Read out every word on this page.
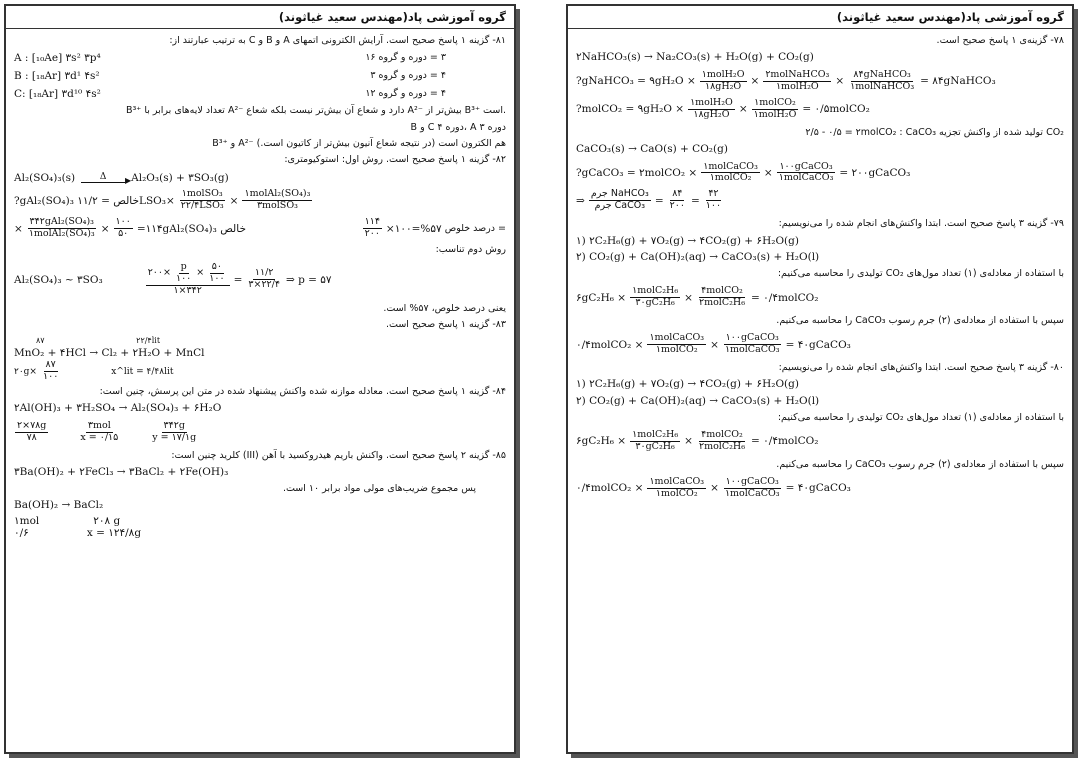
گروه آموزشی پاد(مهندس سعید غیاثوند)
۸۱- گزینه ۱ پاسخ صحیح است. آرایش الکترونی اتمهای A و B و C به ترتیب عبارتند از:
A : [₁₀Ae] ۳s² ۳p⁴	۳ = دوره و گروه ۱۶
B : [₁₈Ar] ۳d¹ ۴s²	۴ = دوره و گروه ۳
C: [₁₈Ar] ۳d¹⁰ ۴s²	۴ = دوره و گروه ۱۲
B³⁺ تعداد لایه‌های برابر با A²⁻ دارد و شعاع آن بیش‌تر نیست بلکه شعاع A²⁻ بیش‌تر از B³⁺ است.
B و C دوره ۴، A دوره ۳
B³⁺ و A²⁻ هم الکترون است (در نتیجه شعاع آنیون بیش‌تر از کاتیون است.)
۸۲- گزینه ۱ پاسخ صحیح است. روش اول: استوکیومتری:
Al₂(SO₄)₃(s)	Δ ▶ Al₂O₃(s) + ۳SO₃(g)
?gAl₂(SO₄)₃ خالص = ۱۱/۲LSO₃× $\frac{\text{۱molSO₃}}{\text{۲۲/۴LSO₃}} \times \frac{\text{۱molAl₂(SO₄)₃}}{\text{۳molSO₃}}$
× $\frac{\text{۳۴۲gAl₂(SO₄)₃}}{\text{۱molAl₂(SO₄)₃}} \times \frac{۱۰۰}{۵۰}$ =۱۱۴gAl₂(SO₄)₃ خالص	$\frac{۱۱۴}{۲۰۰}$ ×۱۰۰=%۵۷ درصد خلوص =
روش دوم تناسب:
Al₂(SO₄)₃ ~ ۳SO₃	$\frac{۲۰۰\times \frac{p}{۱۰۰} \times \frac{۵۰}{۱۰۰}}{۱\times ۳۴۲} = \frac{۱۱/۲}{۳\times ۲۲/۴}$ ⇒ p = ۵۷
یعنی درصد خلوص، ۵۷% است.
۸۳- گزینه ۱ پاسخ صحیح است.
۸۷                                    ۲۲/۴lit
MnO₂ + ۴HCl → Cl₂ + ۲H₂O + MnCl
۲۰g× $\frac{۸۷}{۱۰۰}$	x^lit = ۴/۴۸lit
۸۴- گزینه ۱ پاسخ صحیح است. معادله موازنه شده واکنش پیشنهاد شده در متن این پرسش، چنین است:
۲Al(OH)₃ + ۳H₂SO₄ → Al₂(SO₄)₃ + ۶H₂O
$\frac{۲\times ۷۸g}{۷۸}$	$\frac{\text{۳mol}}{x = ۰/۱۵}$	$\frac{۳۴۲g}{y = ۱۷/۱g}$
۸۵- گزینه ۲ پاسخ صحیح است. واکنش باریم هیدروکسید با آهن (III) کلرید چنین است:
۳Ba(OH)₂ + ۲FeCl₃ → ۳BaCl₂ + ۲Fe(OH)₃
پس مجموع ضریب‌های مولی مواد برابر ۱۰ است.
Ba(OH)₂ → BaCl₂
۱mol	۲۰۸ g
۰/۶	x = ۱۲۴/۸g
گروه آموزشی پاد(مهندس سعید غیاثوند)
۷۸- گزینه‌ی ۱ پاسخ صحیح است.
۲NaHCO₃(s) → Na₂CO₃(s) + H₂O(g) + CO₂(g)
?gNaHCO₃ = ۹gH₂O × $\frac{\text{۱molH₂O}}{\text{۱۸gH₂O}} \times \frac{\text{۲molNaHCO₃}}{\text{۱molH₂O}} \times \frac{\text{۸۴gNaHCO₃}}{\text{۱molNaHCO₃}}$ = ۸۴gNaHCO₃
?molCO₂ = ۹gH₂O × $\frac{\text{۱molH₂O}}{\text{۱۸gH₂O}} \times \frac{\text{۱molCO₂}}{\text{۱molH₂O}}$ = ۰/۵molCO₂
۲/۵ - ۰/۵ = ۲molCO₂ : CaCO₃ تولید شده از واکنش تجزیه CO₂
CaCO₃(s) → CaO(s) + CO₂(g)
?gCaCO₃ = ۲molCO₂ × $\frac{\text{۱molCaCO₃}}{\text{۱molCO₂}} \times \frac{\text{۱۰۰gCaCO₃}}{\text{۱molCaCO₃}}$ = ۲۰۰gCaCO₃
⇒ $\frac{\text{جرم NaHCO₃}}{\text{جرم CaCO₃}} = \frac{۸۴}{۲۰۰} = \frac{۴۲}{۱۰۰}$
۷۹- گزینه ۳ پاسخ صحیح است. ابتدا واکنش‌های انجام شده را می‌نویسیم:
۱) ۲C₂H₆(g) + ۷O₂(g) → ۴CO₂(g) + ۶H₂O(g)
۲) CO₂(g) + Ca(OH)₂(aq) → CaCO₃(s) + H₂O(l)
با استفاده از معادله‌ی (۱) تعداد مول‌های CO₂ تولیدی را محاسبه می‌کنیم:
۶gC₂H₆ × $\frac{\text{۱molC₂H₆}}{\text{۳۰gC₂H₆}} \times \frac{\text{۴molCO₂}}{\text{۲molC₂H₆}}$ = ۰/۴molCO₂
سپس با استفاده از معادله‌ی (۲) جرم رسوب CaCO₃ را محاسبه می‌کنیم.
۰/۴molCO₂ × $\frac{\text{۱molCaCO₃}}{\text{۱molCO₂}} \times \frac{\text{۱۰۰gCaCO₃}}{\text{۱molCaCO₃}}$ = ۴۰gCaCO₃
۸۰- گزینه ۳ پاسخ صحیح است. ابتدا واکنش‌های انجام شده را می‌نویسیم:
۱) ۲C₂H₆(g) + ۷O₂(g) → ۴CO₂(g) + ۶H₂O(g)
۲) CO₂(g) + Ca(OH)₂(aq) → CaCO₃(s) + H₂O(l)
با استفاده از معادله‌ی (۱) تعداد مول‌های CO₂ تولیدی را محاسبه می‌کنیم:
۶gC₂H₆ × $\frac{\text{۱molC₂H₆}}{\text{۳۰gC₂H₆}} \times \frac{\text{۴molCO₂}}{\text{۲molC₂H₆}}$ = ۰/۴molCO₂
سپس با استفاده از معادله‌ی (۲) جرم رسوب CaCO₃ را محاسبه می‌کنیم.
۰/۴molCO₂ × $\frac{\text{۱molCaCO₃}}{\text{۱molCO₂}} \times \frac{\text{۱۰۰gCaCO₃}}{\text{۱molCaCO₃}}$ = ۴۰gCaCO₃
